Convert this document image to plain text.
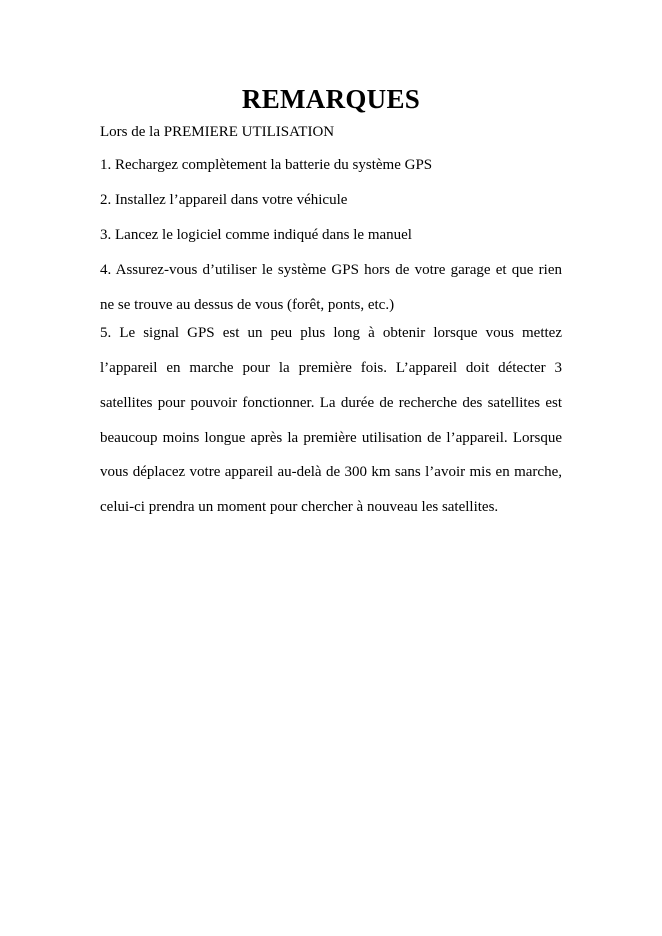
REMARQUES
Lors de la PREMIERE UTILISATION

1. Rechargez complètement la batterie du système GPS

2. Installez l’appareil dans votre véhicule

3. Lancez le logiciel comme indiqué dans le manuel

4. Assurez-vous d’utiliser le système GPS hors de votre garage et que rien ne se trouve au dessus de vous (forêt, ponts, etc.)

5. Le signal GPS est un peu plus long à obtenir lorsque vous mettez l’appareil en marche pour la première fois. L’appareil doit détecter 3 satellites pour pouvoir fonctionner. La durée de recherche des satellites est beaucoup moins longue après la première utilisation de l’appareil. Lorsque vous déplacez votre appareil au-delà de 300 km sans l’avoir mis en marche, celui-ci prendra un moment pour chercher à nouveau les satellites.
